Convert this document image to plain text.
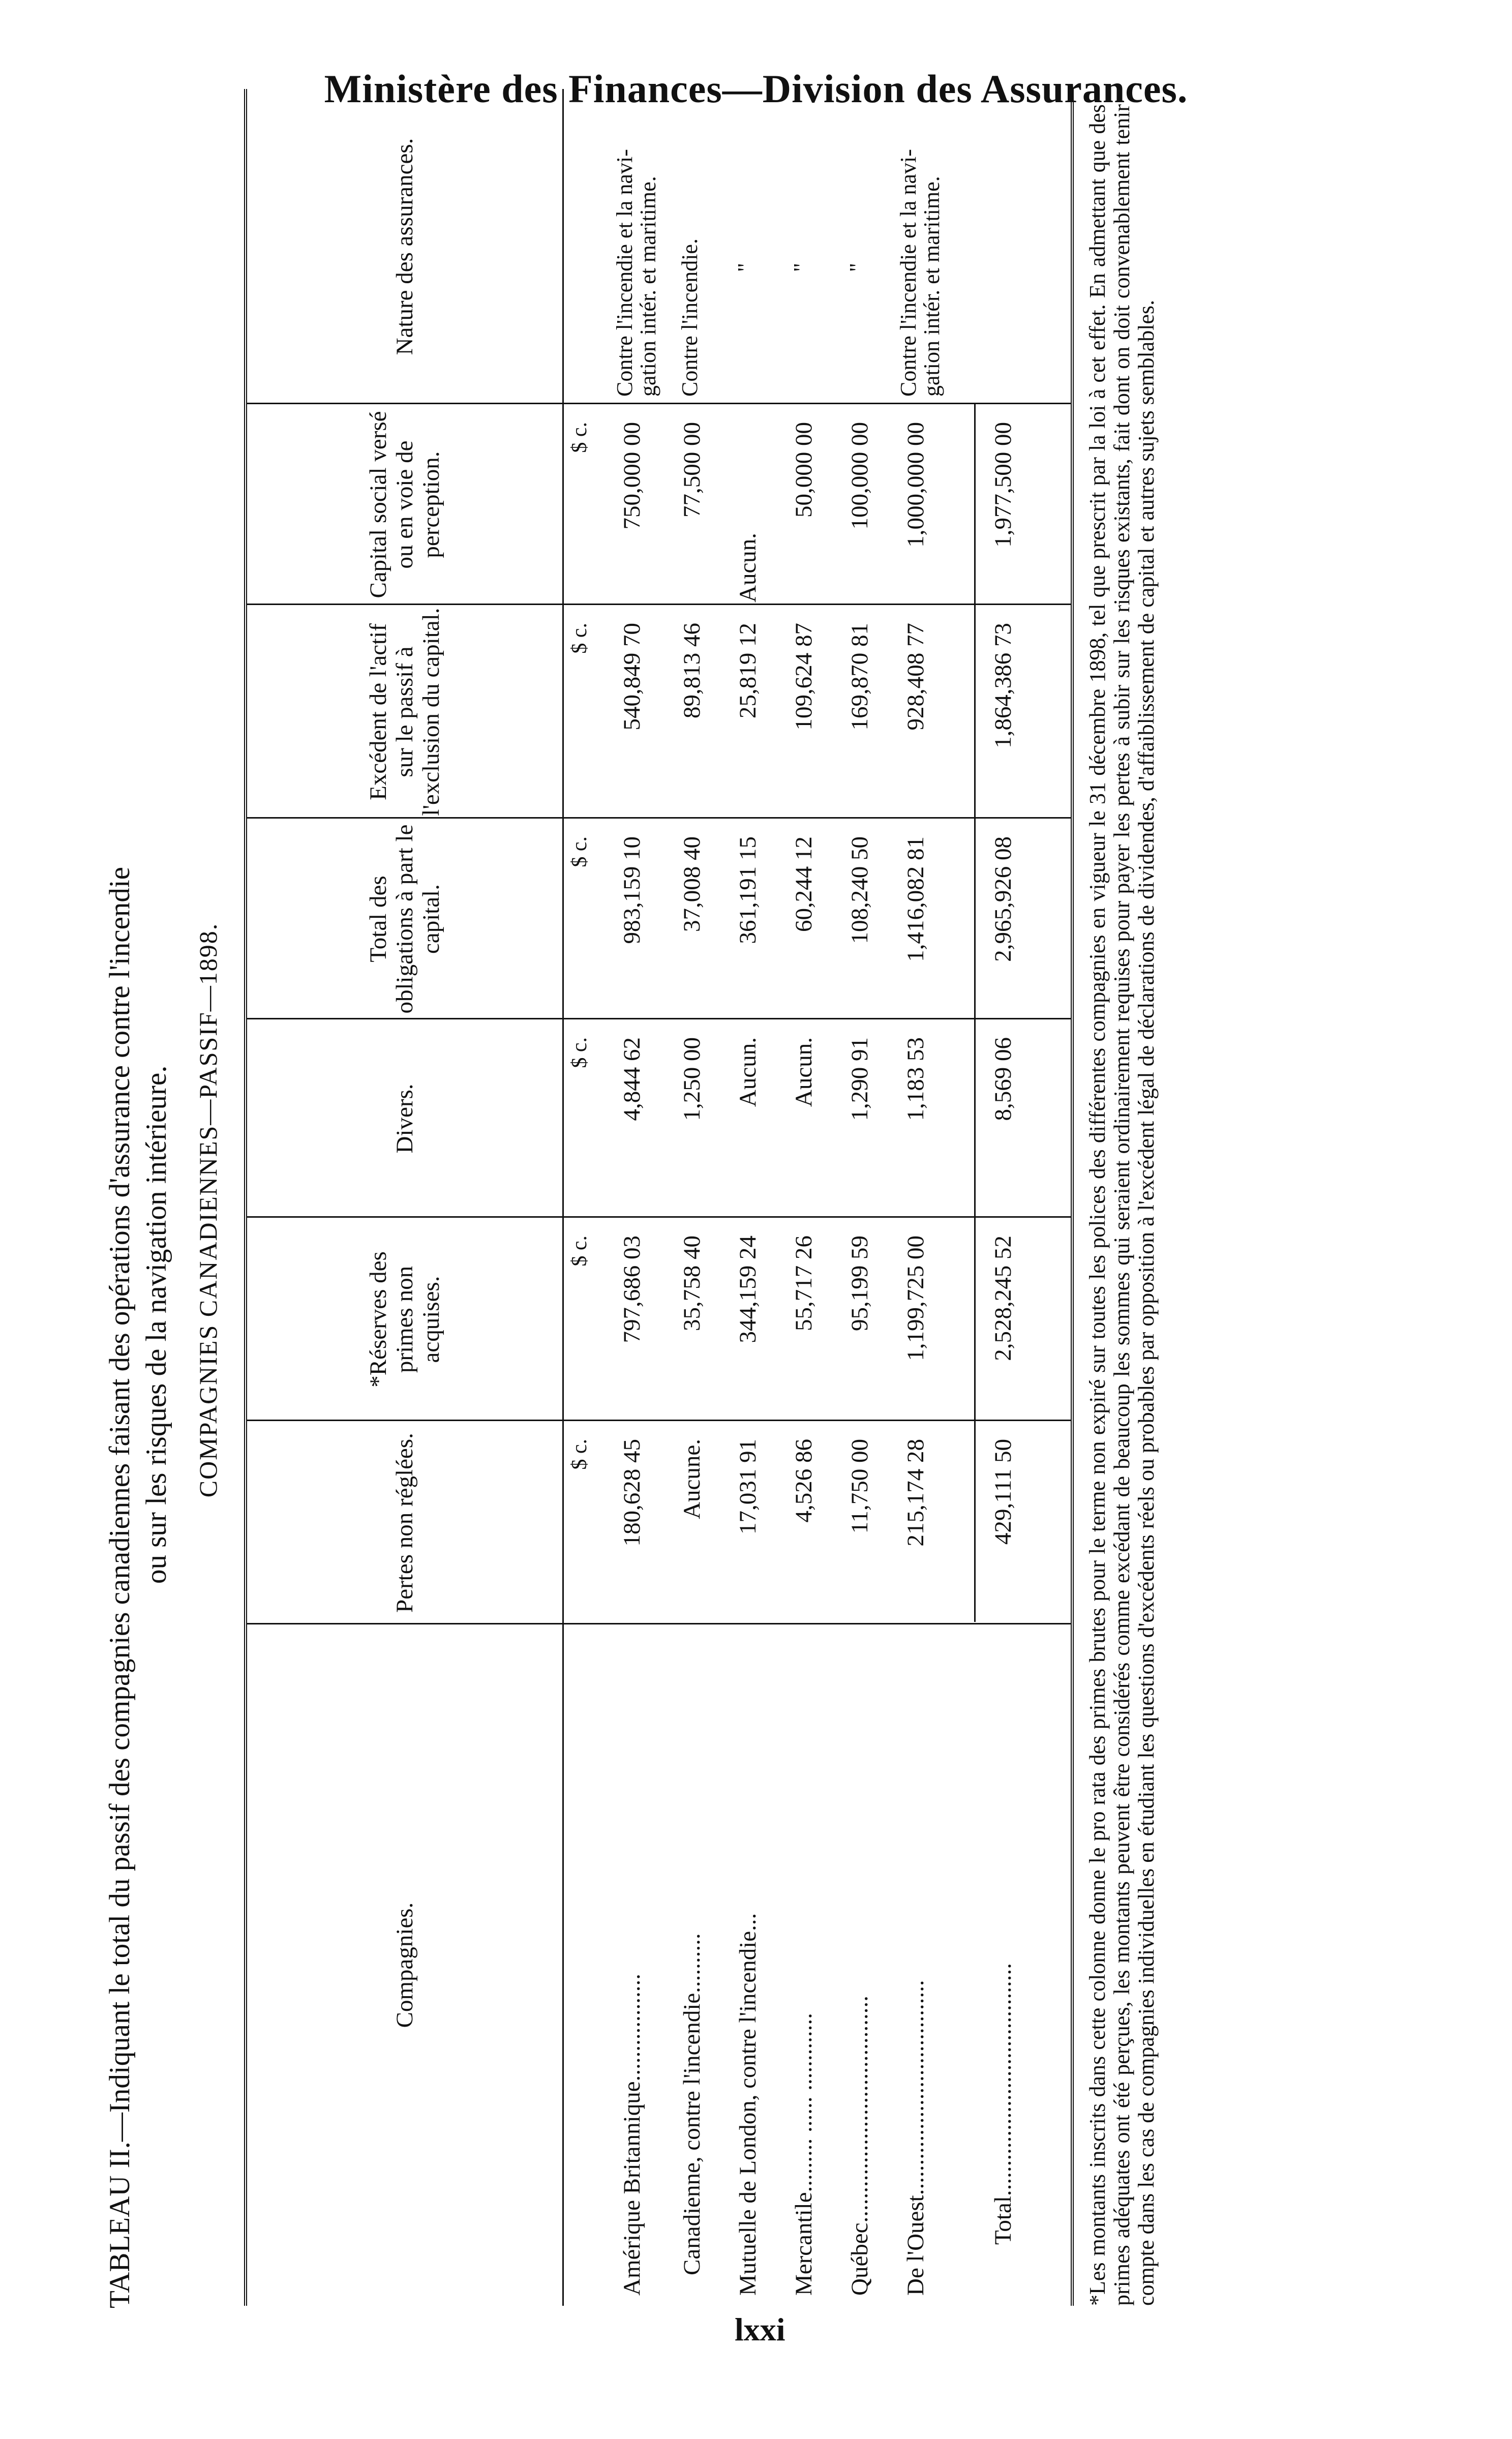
Ministère des Finances—Division des Assurances.
TABLEAU II.—Indiquant le total du passif des compagnies canadiennes faisant des opérations d'assurance contre l'incendie ou sur les risques de la navigation intérieure. COMPAGNIES CANADIENNES—PASSIF—1898.
Compagnies.
Pertes non réglées.
*Réserves des primes non acquises.
Divers.
Total des obligations à part le capital.
Excédent de l'actif sur le passif à l'exclusion du capital.
Capital social versé ou en voie de perception.
Nature des assurances.
$ c.
$ c.
$ c.
$ c.
$ c.
$ c.
Amérique Britannique..................
180,628 45
797,686 03
4,844 62
983,159 10
540,849 70
750,000 00
Contre l'incendie et la navi- gation intér. et maritime.
Canadienne, contre l'incendie..........
Aucune.
35,758 40
1,250 00
37,008 40
89,813 46
77,500 00
Contre l'incendie.
Mutuelle de London, contre l'incendie...
17,031 91
344,159 24
Aucun.
361,191 15
25,819 12
Aucun.
"
Mercantile......... ...... .............
4,526 86
55,717 26
Aucun.
60,244 12
109,624 87
50,000 00
"
Québec......................................
11,750 00
95,199 59
1,290 91
108,240 50
169,870 81
100,000 00
"
De l'Ouest....................................
215,174 28
1,199,725 00
1,183 53
1,416,082 81
928,408 77
1,000,000 00
Contre l'incendie et la navi- gation intér. et maritime.
Total.......................................
429,111 50
2,528,245 52
8,569 06
2,965,926 08
1,864,386 73
1,977,500 00	*Les montants inscrits dans cette colonne donne le pro rata des primes brutes pour le terme non expiré sur toutes les polices des différentes compagnies en vigueur le 31 décembre 1898, tel que prescrit par la loi à cet effet. En admettant que des primes adéquates ont été perçues, les montants peuvent être considérés comme excédant de beaucoup les sommes qui seraient ordinairement requises pour payer les pertes à subir sur les risques existants, fait dont on doit convenablement tenir compte dans les cas de compagnies individuelles en étudiant les questions d'excédents réels ou probables par opposition à l'excédent légal de déclarations de dividendes, d'affaiblissement de capital et autres sujets semblables.
lxxi
